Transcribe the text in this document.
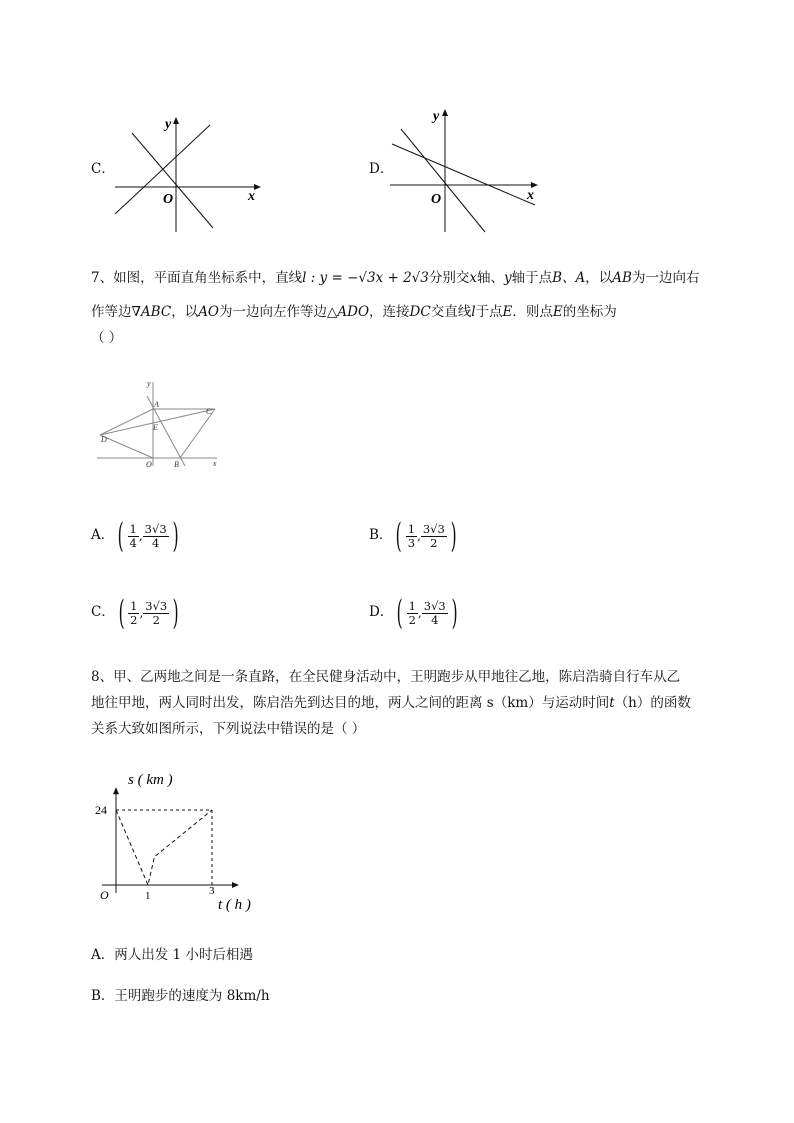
C．
y
x
O
D．
y
x
O
7、如图，平面直角坐标系中，直线l : y = −√3x + 2√3分别交x轴、y轴于点B、A，以AB为一边向右
作等边∇ABC，以AO为一边向左作等边△ADO，连接DC交直线l于点E．则点E的坐标为
（ ）
y
x
A
C
E
D
O	B
A． ( $\frac{1}{4}$ , $\frac{3√3}{4}$ )	B． ( $\frac{1}{3}$ , $\frac{3√3}{2}$ )
C． ( $\frac{1}{2}$ , $\frac{3√3}{2}$ )	D． ( $\frac{1}{2}$ , $\frac{3√3}{4}$ )
8、甲、乙两地之间是一条直路，在全民健身活动中，王明跑步从甲地往乙地，陈启浩骑自行车从乙
地往甲地，两人同时出发，陈启浩先到达目的地，两人之间的距离 s（km）与运动时间t（h）的函数
关系大致如图所示，下列说法中错误的是（ ）
s ( km )
t ( h )
O
24
1	3
A．两人出发 1 小时后相遇
B．王明跑步的速度为 8km/h
